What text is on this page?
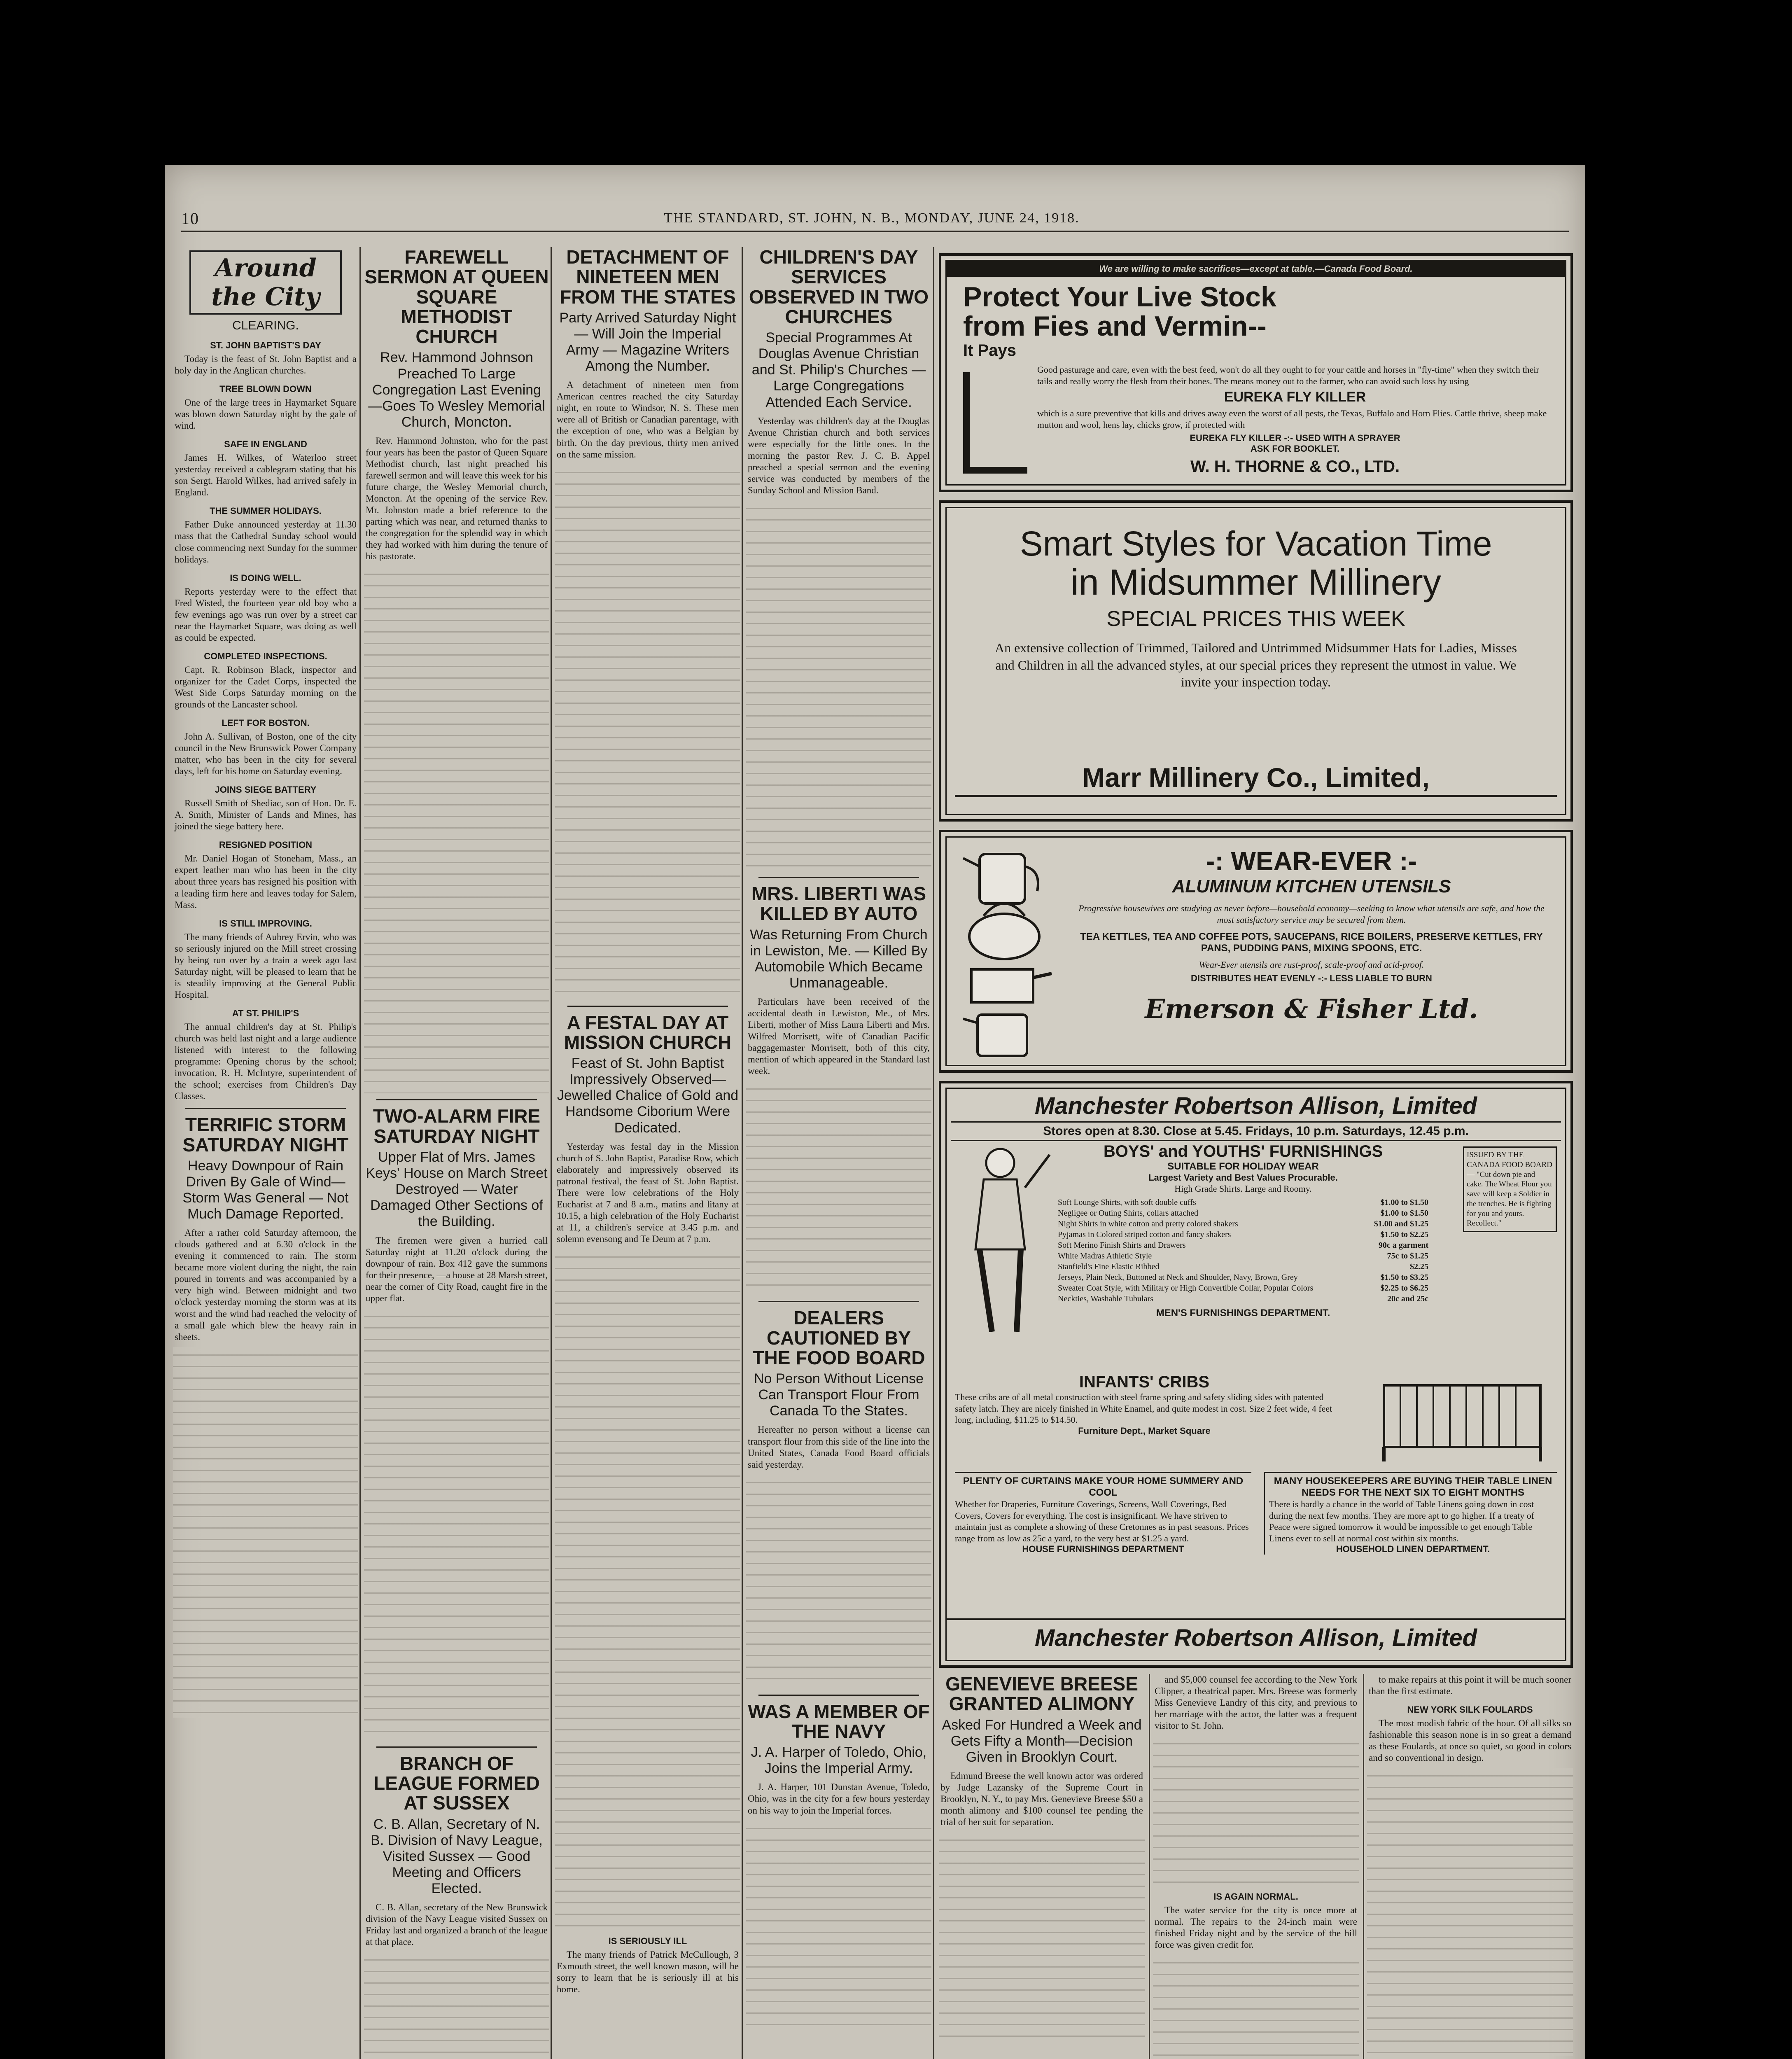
10	THE STANDARD, ST. JOHN, N. B., MONDAY, JUNE 24, 1918.
Around the City
CLEARING.
ST. JOHN BAPTIST'S DAY

Today is the feast of St. John Baptist and a holy day in the Anglican churches.

TREE BLOWN DOWN

One of the large trees in Haymarket Square was blown down Saturday night by the gale of wind.

SAFE IN ENGLAND

James H. Wilkes, of Waterloo street yesterday received a cablegram stating that his son Sergt. Harold Wilkes, had arrived safely in England.

THE SUMMER HOLIDAYS.

Father Duke announced yesterday at 11.30 mass that the Cathedral Sunday school would close commencing next Sunday for the summer holidays.

IS DOING WELL.

Reports yesterday were to the effect that Fred Wisted, the fourteen year old boy who a few evenings ago was run over by a street car near the Haymarket Square, was doing as well as could be expected.

COMPLETED INSPECTIONS.

Capt. R. Robinson Black, inspector and organizer for the Cadet Corps, inspected the West Side Corps Saturday morning on the grounds of the Lancaster school.

LEFT FOR BOSTON.

John A. Sullivan, of Boston, one of the city council in the New Brunswick Power Company matter, who has been in the city for several days, left for his home on Saturday evening.

JOINS SIEGE BATTERY

Russell Smith of Shediac, son of Hon. Dr. E. A. Smith, Minister of Lands and Mines, has joined the siege battery here.

RESIGNED POSITION

Mr. Daniel Hogan of Stoneham, Mass., an expert leather man who has been in the city about three years has resigned his position with a leading firm here and leaves today for Salem, Mass.

IS STILL IMPROVING.

The many friends of Aubrey Ervin, who was so seriously injured on the Mill street crossing by being run over by a train a week ago last Saturday night, will be pleased to learn that he is steadily improving at the General Public Hospital.

AT ST. PHILIP'S

The annual children's day at St. Philip's church was held last night and a large audience listened with interest to the following programme: Opening chorus by the school; invocation, R. H. McIntyre, superintendent of the school; exercises from Children's Day Classes.

TERRIFIC STORM SATURDAY NIGHT
Heavy Downpour of Rain Driven By Gale of Wind—Storm Was General — Not Much Damage Reported.

After a rather cold Saturday afternoon, the clouds gathered and at 6.30 o'clock in the evening it commenced to rain. The storm became more violent during the night, the rain poured in torrents and was accompanied by a very high wind. Between midnight and two o'clock yesterday morning the storm was at its worst and the wind had reached the velocity of a small gale which blew the heavy rain in sheets.

FAREWELL SERMON AT QUEEN SQUARE METHODIST CHURCH
Rev. Hammond Johnson Preached To Large Congregation Last Evening—Goes To Wesley Memorial Church, Moncton.

Rev. Hammond Johnston, who for the past four years has been the pastor of Queen Square Methodist church, last night preached his farewell sermon and will leave this week for his future charge, the Wesley Memorial church, Moncton. At the opening of the service Rev. Mr. Johnston made a brief reference to the parting which was near, and returned thanks to the congregation for the splendid way in which they had worked with him during the tenure of his pastorate.

TWO-ALARM FIRE SATURDAY NIGHT
Upper Flat of Mrs. James Keys' House on March Street Destroyed — Water Damaged Other Sections of the Building.

The firemen were given a hurried call Saturday night at 11.20 o'clock during the downpour of rain. Box 412 gave the summons for their presence, —a house at 28 Marsh street, near the corner of City Road, caught fire in the upper flat.

BRANCH OF LEAGUE FORMED AT SUSSEX
C. B. Allan, Secretary of N. B. Division of Navy League, Visited Sussex — Good Meeting and Officers Elected.

C. B. Allan, secretary of the New Brunswick division of the Navy League visited Sussex on Friday last and organized a branch of the league at that place.

DETACHMENT OF NINETEEN MEN FROM THE STATES
Party Arrived Saturday Night — Will Join the Imperial Army — Magazine Writers Among the Number.

A detachment of nineteen men from American centres reached the city Saturday night, en route to Windsor, N. S. These men were all of British or Canadian parentage, with the exception of one, who was a Belgian by birth. On the day previous, thirty men arrived on the same mission.

A FESTAL DAY AT MISSION CHURCH
Feast of St. John Baptist Impressively Observed—Jewelled Chalice of Gold and Handsome Ciborium Were Dedicated.

Yesterday was festal day in the Mission church of S. John Baptist, Paradise Row, which elaborately and impressively observed its patronal festival, the feast of St. John Baptist. There were low celebrations of the Holy Eucharist at 7 and 8 a.m., matins and litany at 10.15, a high celebration of the Holy Eucharist at 11, a children's service at 3.45 p.m. and solemn evensong and Te Deum at 7 p.m.

IS SERIOUSLY ILL

The many friends of Patrick McCullough, 3 Exmouth street, the well known mason, will be sorry to learn that he is seriously ill at his home.

CHILDREN'S DAY SERVICES OBSERVED IN TWO CHURCHES
Special Programmes At Douglas Avenue Christian and St. Philip's Churches — Large Congregations Attended Each Service.

Yesterday was children's day at the Douglas Avenue Christian church and both services were especially for the little ones. In the morning the pastor Rev. J. C. B. Appel preached a special sermon and the evening service was conducted by members of the Sunday School and Mission Band.

MRS. LIBERTI WAS KILLED BY AUTO
Was Returning From Church in Lewiston, Me. — Killed By Automobile Which Became Unmanageable.

Particulars have been received of the accidental death in Lewiston, Me., of Mrs. Liberti, mother of Miss Laura Liberti and Mrs. Wilfred Morrisett, wife of Canadian Pacific baggagemaster Morrisett, both of this city, mention of which appeared in the Standard last week.

DEALERS CAUTIONED BY THE FOOD BOARD
No Person Without License Can Transport Flour From Canada To the States.

Hereafter no person without a license can transport flour from this side of the line into the United States, Canada Food Board officials said yesterday.

WAS A MEMBER OF THE NAVY
J. A. Harper of Toledo, Ohio, Joins the Imperial Army.

J. A. Harper, 101 Dunstan Avenue, Toledo, Ohio, was in the city for a few hours yesterday on his way to join the Imperial forces.

We are willing to make sacrifices—except at table.—Canada Food Board.
Protect Your Live Stock
from Fies and Vermin--
It Pays
Good pasturage and care, even with the best feed, won't do all they ought to for your cattle and horses in "fly-time" when they switch their tails and really worry the flesh from their bones. The means money out to the farmer, who can avoid such loss by using
EUREKA FLY KILLER
which is a sure preventive that kills and drives away even the worst of all pests, the Texas, Buffalo and Horn Flies. Cattle thrive, sheep make mutton and wool, hens lay, chicks grow, if protected with
EUREKA FLY KILLER -:- USED WITH A SPRAYER
ASK FOR BOOKLET.
W. H. THORNE & CO., LTD.
Smart Styles for Vacation Time
in Midsummer Millinery
SPECIAL PRICES THIS WEEK
An extensive collection of Trimmed, Tailored and Untrimmed Midsummer Hats for Ladies, Misses and Children in all the advanced styles, at our special prices they represent the utmost in value. We invite your inspection today.
Marr Millinery Co., Limited,
-: WEAR-EVER :-
ALUMINUM KITCHEN UTENSILS
Progressive housewives are studying as never before—household economy—seeking to know what utensils are safe, and how the most satisfactory service may be secured from them.
TEA KETTLES, TEA AND COFFEE POTS, SAUCEPANS, RICE BOILERS, PRESERVE KETTLES, FRY PANS, PUDDING PANS, MIXING SPOONS, ETC.
Wear-Ever utensils are rust-proof, scale-proof and acid-proof.
DISTRIBUTES HEAT EVENLY -:- LESS LIABLE TO BURN
Emerson & Fisher Ltd.
Manchester Robertson Allison, Limited
Stores open at 8.30. Close at 5.45. Fridays, 10 p.m. Saturdays, 12.45 p.m.
BOYS' and YOUTHS' FURNISHINGS
SUITABLE FOR HOLIDAY WEAR
Largest Variety and Best Values Procurable.
High Grade Shirts. Large and Roomy.
Soft Lounge Shirts, with soft double cuffs	$1.00 to $1.50
Negligee or Outing Shirts, collars attached	$1.00 to $1.50
Night Shirts in white cotton and pretty colored shakers	$1.00 and $1.25
Pyjamas in Colored striped cotton and fancy shakers	$1.50 to $2.25
Soft Merino Finish Shirts and Drawers	90c a garment
White Madras Athletic Style	75c to $1.25
Stanfield's Fine Elastic Ribbed	$2.25
Jerseys, Plain Neck, Buttoned at Neck and Shoulder, Navy, Brown, Grey	$1.50 to $3.25
Sweater Coat Style, with Military or High Convertible Collar, Popular Colors	$2.25 to $6.25
Neckties, Washable Tubulars	20c and 25c
MEN'S FURNISHINGS DEPARTMENT.
ISSUED BY THE CANADA FOOD BOARD — "Cut down pie and cake. The Wheat Flour you save will keep a Soldier in the trenches. He is fighting for you and yours. Recollect."
INFANTS' CRIBS
These cribs are of all metal construction with steel frame spring and safety sliding sides with patented safety latch. They are nicely finished in White Enamel, and quite modest in cost. Size 2 feet wide, 4 feet long, including, $11.25 to $14.50.
Furniture Dept., Market Square
PLENTY OF CURTAINS MAKE YOUR HOME SUMMERY AND COOL
Whether for Draperies, Furniture Coverings, Screens, Wall Coverings, Bed Covers, Covers for everything. The cost is insignificant. We have striven to maintain just as complete a showing of these Cretonnes as in past seasons. Prices range from as low as 25c a yard, to the very best at $1.25 a yard.
HOUSE FURNISHINGS DEPARTMENT
MANY HOUSEKEEPERS ARE BUYING THEIR TABLE LINEN NEEDS FOR THE NEXT SIX TO EIGHT MONTHS
There is hardly a chance in the world of Table Linens going down in cost during the next few months. They are more apt to go higher. If a treaty of Peace were signed tomorrow it would be impossible to get enough Table Linens ever to sell at normal cost within six months.
HOUSEHOLD LINEN DEPARTMENT.
Manchester Robertson Allison, Limited
GENEVIEVE BREESE GRANTED ALIMONY
Asked For Hundred a Week and Gets Fifty a Month—Decision Given in Brooklyn Court.

Edmund Breese the well known actor was ordered by Judge Lazansky of the Supreme Court in Brooklyn, N. Y., to pay Mrs. Genevieve Breese $50 a month alimony and $100 counsel fee pending the trial of her suit for separation.

and $5,000 counsel fee according to the New York Clipper, a theatrical paper. Mrs. Breese was formerly Miss Genevieve Landry of this city, and previous to her marriage with the actor, the latter was a frequent visitor to St. John.

IS AGAIN NORMAL.

The water service for the city is once more at normal. The repairs to the 24-inch main were finished Friday night and by the service of the hill force was given credit for.

to make repairs at this point it will be much sooner than the first estimate.

NEW YORK SILK FOULARDS

The most modish fabric of the hour. Of all silks so fashionable this season none is in so great a demand as these Foulards, at once so quiet, so good in colors and so conventional in design.
